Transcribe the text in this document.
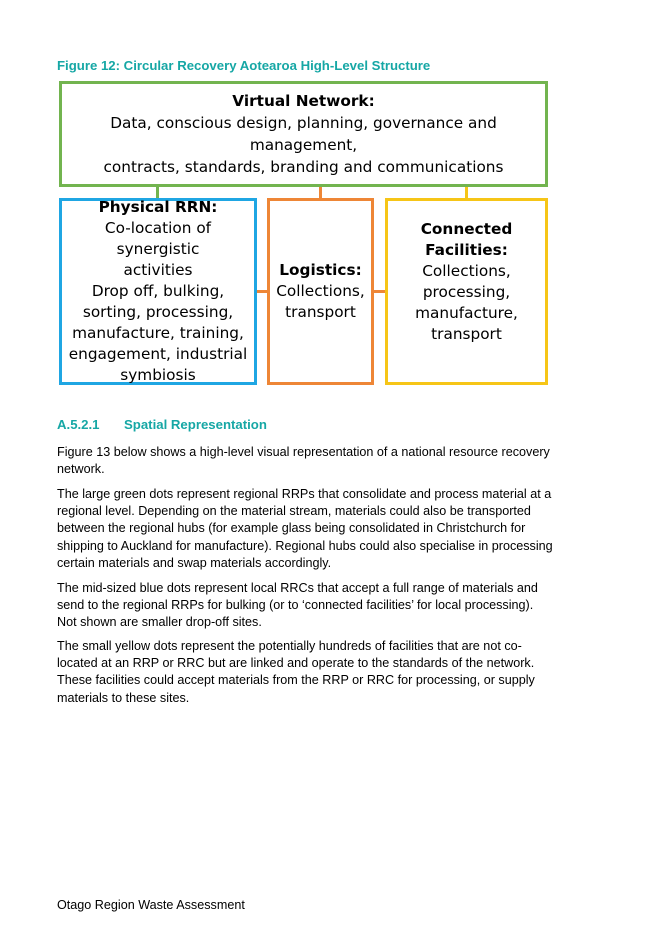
Figure 12: Circular Recovery Aotearoa High-Level Structure
Virtual Network:
Data, conscious design, planning, governance and management,
contracts, standards, branding and communications
Physical RRN:
Co-location of synergistic
activities
Drop off, bulking,
sorting, processing,
manufacture, training,
engagement, industrial
symbiosis
Logistics:
Collections,
transport
Connected
Facilities:
Collections,
processing,
manufacture,
transport
A.5.2.1 Spatial Representation
Figure 13 below shows a high-level visual representation of a national resource recovery
network.
The large green dots represent regional RRPs that consolidate and process material at a
regional level. Depending on the material stream, materials could also be transported
between the regional hubs (for example glass being consolidated in Christchurch for
shipping to Auckland for manufacture). Regional hubs could also specialise in processing
certain materials and swap materials accordingly.
The mid-sized blue dots represent local RRCs that accept a full range of materials and
send to the regional RRPs for bulking (or to ‘connected facilities’ for local processing).
Not shown are smaller drop-off sites.
The small yellow dots represent the potentially hundreds of facilities that are not co-
located at an RRP or RRC but are linked and operate to the standards of the network.
These facilities could accept materials from the RRP or RRC for processing, or supply
materials to these sites.
Otago Region Waste Assessment
